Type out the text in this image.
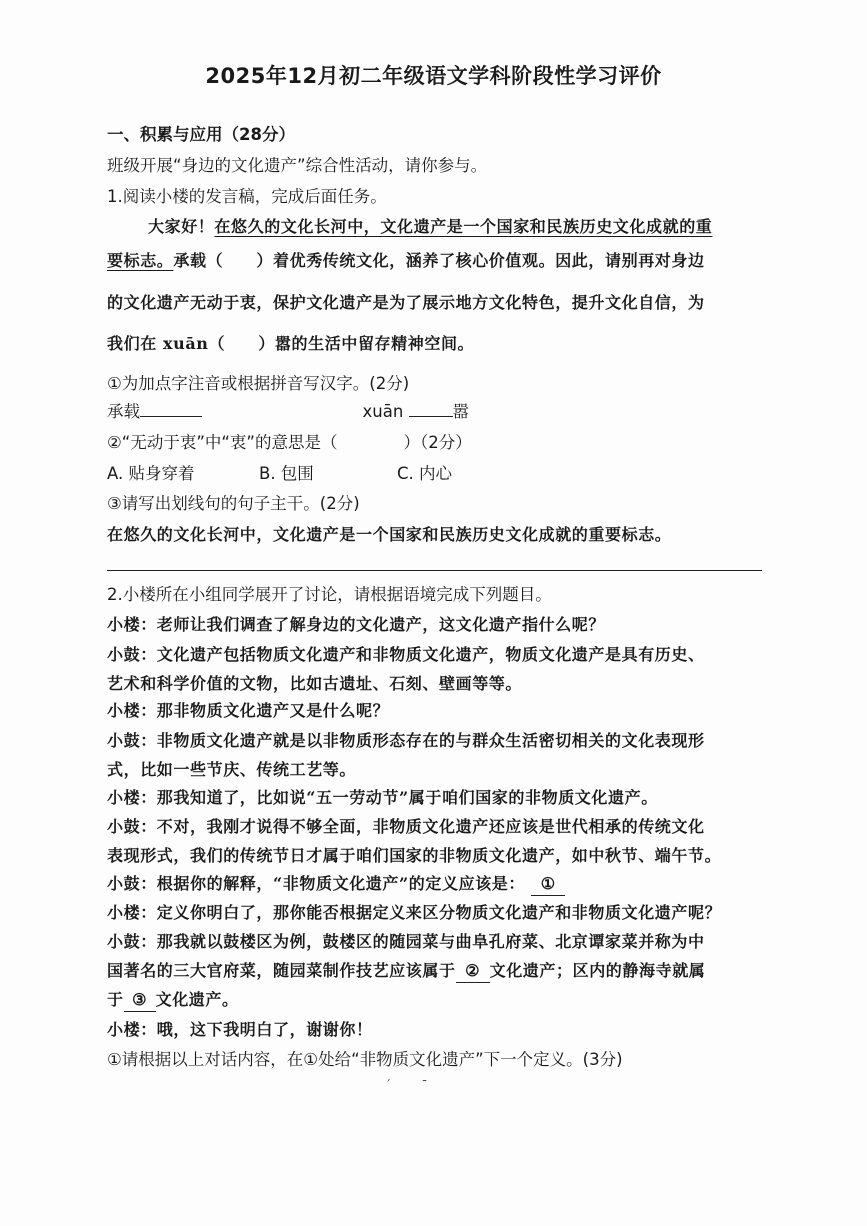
2025年12月初二年级语文学科阶段性学习评价
一、积累与应用（28分）
班级开展“身边的文化遗产”综合性活动，请你参与。
1.阅读小楼的发言稿，完成后面任务。
大家好！在悠久的文化长河中，文化遗产是一个国家和民族历史文化成就的重
要标志。承载（　　）着优秀传统文化，涵养了核心价值观。因此，请别再对身边
的文化遗产无动于衷，保护文化遗产是为了展示地方文化特色，提升文化自信，为
我们在 xuān（　　）嚣的生活中留存精神空间。
①为加点字注音或根据拼音写汉字。(2分)
承载	xuān	嚣
②“无动于衷”中“衷”的意思是（　　　　）（2分）
A. 贴身穿着	B. 包围	C. 内心
③请写出划线句的句子主干。(2分)
在悠久的文化长河中，文化遗产是一个国家和民族历史文化成就的重要标志。
2.小楼所在小组同学展开了讨论，请根据语境完成下列题目。
小楼：老师让我们调查了解身边的文化遗产，这文化遗产指什么呢？
小鼓：文化遗产包括物质文化遗产和非物质文化遗产，物质文化遗产是具有历史、
艺术和科学价值的文物，比如古遗址、石刻、壁画等等。
小楼：那非物质文化遗产又是什么呢？
小鼓：非物质文化遗产就是以非物质形态存在的与群众生活密切相关的文化表现形
式，比如一些节庆、传统工艺等。
小楼：那我知道了，比如说“五一劳动节”属于咱们国家的非物质文化遗产。
小鼓：不对，我刚才说得不够全面，非物质文化遗产还应该是世代相承的传统文化
表现形式，我们的传统节日才属于咱们国家的非物质文化遗产，如中秋节、端午节。
小鼓：根据你的解释，“非物质文化遗产”的定义应该是： ①
小楼：定义你明白了，那你能否根据定义来区分物质文化遗产和非物质文化遗产呢？
小鼓：那我就以鼓楼区为例，鼓楼区的随园菜与曲阜孔府菜、北京谭家菜并称为中
国著名的三大官府菜，随园菜制作技艺应该属于 ② 文化遗产；区内的静海寺就属
于 ③ 文化遗产。
小楼：哦，这下我明白了，谢谢你！
①请根据以上对话内容，在①处给“非物质文化遗产”下一个定义。(3分)
ˊ        ˉ
